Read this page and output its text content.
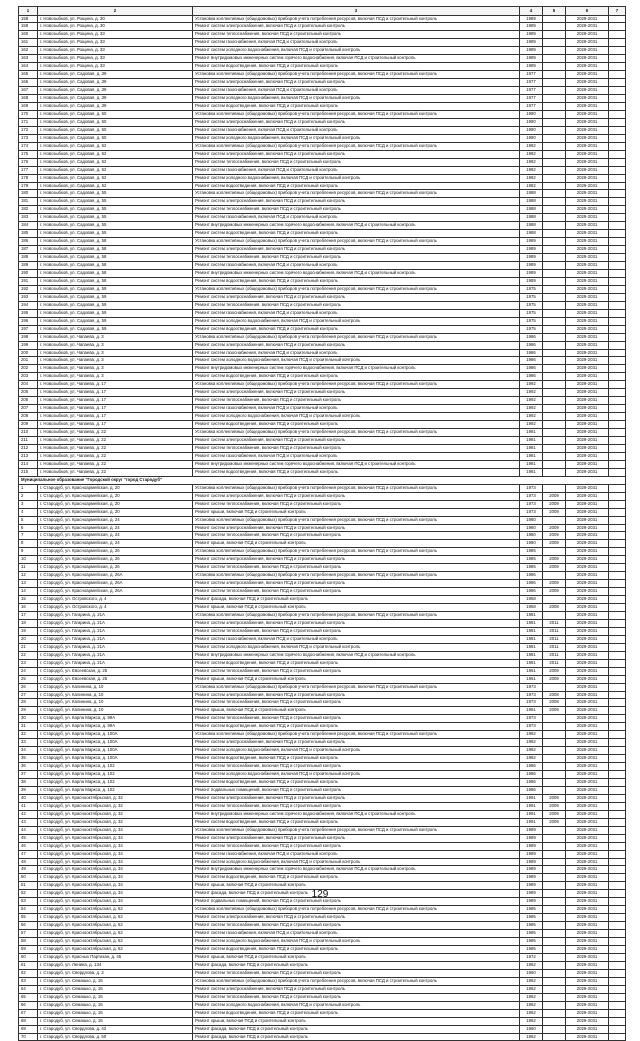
1	2	3	4	5	6	7
158	г. Новозыбков, ул. Рощина, д. 30	Установка коллективных (общедомовых) приборов учета потребления ресурсов, включая ПСД и строительный контроль	1989		2029-2031	
159	г. Новозыбков, ул. Рощина, д. 30	Ремонт систем электроснабжения, включая ПСД и строительный контроль	1989		2029-2031	
160	г. Новозыбков, ул. Рощина, д. 33	Ремонт систем теплоснабжения, включая ПСД и строительный контроль	1989		2029-2031	
161	г. Новозыбков, ул. Рощина, д. 33	Ремонт систем газоснабжения, включая ПСД и строительный контроль	1989		2029-2031	
162	г. Новозыбков, ул. Рощина, д. 33	Ремонт систем холодного водоснабжения, включая ПСД и строительный контроль	1989		2029-2031	
163	г. Новозыбков, ул. Рощина, д. 33	Ремонт внутридомовых инженерных систем горячего водоснабжения, включая ПСД и строительный контроль	1989		2029-2031	
164	г. Новозыбков, ул. Рощина, д. 33	Ремонт систем водоотведения, включая ПСД и строительный контроль	1989		2029-2031	
165	г. Новозыбков, ул. Садовая, д. 39	Установка коллективных (общедомовых) приборов учета потребления ресурсов, включая ПСД и строительный контроль	1977		2029-2031	
166	г. Новозыбков, ул. Садовая, д. 39	Ремонт систем электроснабжения, включая ПСД и строительный контроль	1977		2029-2031	
167	г. Новозыбков, ул. Садовая, д. 39	Ремонт систем газоснабжения, включая ПСД и строительный контроль	1977		2029-2031	
168	г. Новозыбков, ул. Садовая, д. 39	Ремонт систем холодного водоснабжения, включая ПСД и строительный контроль	1977		2029-2031	
169	г. Новозыбков, ул. Садовая, д. 39	Ремонт систем водоотведения, включая ПСД и строительный контроль	1977		2029-2031	
170	г. Новозыбков, ул. Садовая, д. 50	Установка коллективных (общедомовых) приборов учета потребления ресурсов, включая ПСД и строительный контроль	1980		2029-2031	
171	г. Новозыбков, ул. Садовая, д. 50	Ремонт систем электроснабжения, включая ПСД и строительный контроль	1980		2029-2031	
172	г. Новозыбков, ул. Садовая, д. 50	Ремонт систем газоснабжения, включая ПСД и строительный контроль	1980		2029-2031	
173	г. Новозыбков, ул. Садовая, д. 50	Ремонт систем холодного водоснабжения, включая ПСД и строительный контроль	1980		2029-2031	
174	г. Новозыбков, ул. Садовая, д. 52	Установка коллективных (общедомовых) приборов учета потребления ресурсов, включая ПСД и строительный контроль	1982		2029-2031	
175	г. Новозыбков, ул. Садовая, д. 52	Ремонт систем электроснабжения, включая ПСД и строительный контроль	1982		2029-2031	
176	г. Новозыбков, ул. Садовая, д. 52	Ремонт систем теплоснабжения, включая ПСД и строительный контроль	1982		2029-2031	
177	г. Новозыбков, ул. Садовая, д. 52	Ремонт систем газоснабжения, включая ПСД и строительный контроль	1982		2029-2031	
178	г. Новозыбков, ул. Садовая, д. 52	Ремонт систем холодного водоснабжения, включая ПСД и строительный контроль	1982		2029-2031	
179	г. Новозыбков, ул. Садовая, д. 52	Ремонт систем водоотведения, включая ПСД и строительный контроль	1982		2029-2031	
180	г. Новозыбков, ул. Садовая, д. 55	Установка коллективных (общедомовых) приборов учета потребления ресурсов, включая ПСД и строительный контроль	1988		2029-2031	
181	г. Новозыбков, ул. Садовая, д. 55	Ремонт систем электроснабжения, включая ПСД и строительный контроль	1988		2029-2031	
182	г. Новозыбков, ул. Садовая, д. 55	Ремонт систем теплоснабжения, включая ПСД и строительный контроль	1988		2029-2031	
183	г. Новозыбков, ул. Садовая, д. 55	Ремонт систем газоснабжения, включая ПСД и строительный контроль	1988		2029-2031	
184	г. Новозыбков, ул. Садовая, д. 55	Ремонт внутридомовых инженерных систем горячего водоснабжения, включая ПСД и строительный контроль	1988		2029-2031	
185	г. Новозыбков, ул. Садовая, д. 55	Ремонт систем водоотведения, включая ПСД и строительный контроль	1988		2029-2031	
186	г. Новозыбков, ул. Садовая, д. 58	Установка коллективных (общедомовых) приборов учета потребления ресурсов, включая ПСД и строительный контроль	1989		2029-2031	
187	г. Новозыбков, ул. Садовая, д. 58	Ремонт систем электроснабжения, включая ПСД и строительный контроль	1989		2029-2031	
188	г. Новозыбков, ул. Садовая, д. 58	Ремонт систем теплоснабжения, включая ПСД и строительный контроль	1989		2029-2031	
189	г. Новозыбков, ул. Садовая, д. 58	Ремонт систем газоснабжения, включая ПСД и строительный контроль	1989		2029-2031	
190	г. Новозыбков, ул. Садовая, д. 58	Ремонт внутридомовых инженерных систем горячего водоснабжения, включая ПСД и строительный контроль	1989		2029-2031	
191	г. Новозыбков, ул. Садовая, д. 58	Ремонт систем водоотведения, включая ПСД и строительный контроль	1989		2029-2031	
192	г. Новозыбков, ул. Садовая, д. 59	Установка коллективных (общедомовых) приборов учета потребления ресурсов, включая ПСД и строительный контроль	1975		2029-2031	
193	г. Новозыбков, ул. Садовая, д. 59	Ремонт систем электроснабжения, включая ПСД и строительный контроль	1975		2029-2031	
194	г. Новозыбков, ул. Садовая, д. 59	Ремонт систем теплоснабжения, включая ПСД и строительный контроль	1975		2029-2031	
195	г. Новозыбков, ул. Садовая, д. 59	Ремонт систем газоснабжения, включая ПСД и строительный контроль	1975		2029-2031	
196	г. Новозыбков, ул. Садовая, д. 59	Ремонт систем холодного водоснабжения, включая ПСД и строительный контроль	1975		2029-2031	
197	г. Новозыбков, ул. Садовая, д. 59	Ремонт систем водоотведения, включая ПСД и строительный контроль	1975		2029-2031	
198	г. Новозыбков, ул. Чапаева, д. 3	Установка коллективных (общедомовых) приборов учета потребления ресурсов, включая ПСД и строительный контроль	1986		2029-2031	
199	г. Новозыбков, ул. Чапаева, д. 3	Ремонт систем электроснабжения, включая ПСД и строительный контроль	1986		2029-2031	
200	г. Новозыбков, ул. Чапаева, д. 3	Ремонт систем газоснабжения, включая ПСД и строительный контроль	1986		2029-2031	
201	г. Новозыбков, ул. Чапаева, д. 3	Ремонт систем холодного водоснабжения, включая ПСД и строительный контроль	1986		2029-2031	
202	г. Новозыбков, ул. Чапаева, д. 3	Ремонт внутридомовых инженерных систем горячего водоснабжения, включая ПСД и строительный контроль	1986		2029-2031	
203	г. Новозыбков, ул. Чапаева, д. 3	Ремонт систем водоотведения, включая ПСД и строительный контроль	1986		2029-2031	
204	г. Новозыбков, ул. Чапаева, д. 17	Установка коллективных (общедомовых) приборов учета потребления ресурсов, включая ПСД и строительный контроль	1992		2029-2031	
205	г. Новозыбков, ул. Чапаева, д. 17	Ремонт систем электроснабжения, включая ПСД и строительный контроль	1992		2029-2031	
206	г. Новозыбков, ул. Чапаева, д. 17	Ремонт систем теплоснабжения, включая ПСД и строительный контроль	1992		2029-2031	
207	г. Новозыбков, ул. Чапаева, д. 17	Ремонт систем газоснабжения, включая ПСД и строительный контроль	1992		2029-2031	
208	г. Новозыбков, ул. Чапаева, д. 17	Ремонт систем холодного водоснабжения, включая ПСД и строительный контроль	1992		2029-2031	
209	г. Новозыбков, ул. Чапаева, д. 17	Ремонт систем водоотведения, включая ПСД и строительный контроль	1992		2029-2031	
210	г. Новозыбков, ул. Чапаева, д. 22	Установка коллективных (общедомовых) приборов учета потребления ресурсов, включая ПСД и строительный контроль	1981		2029-2031	
211	г. Новозыбков, ул. Чапаева, д. 22	Ремонт систем электроснабжения, включая ПСД и строительный контроль	1981		2029-2031	
212	г. Новозыбков, ул. Чапаева, д. 22	Ремонт систем теплоснабжения, включая ПСД и строительный контроль	1981		2029-2031	
213	г. Новозыбков, ул. Чапаева, д. 22	Ремонт систем газоснабжения, включая ПСД и строительный контроль	1981		2029-2031	
214	г. Новозыбков, ул. Чапаева, д. 22	Ремонт внутридомовых инженерных систем горячего водоснабжения, включая ПСД и строительный контроль	1981		2029-2031	
215	г. Новозыбков, ул. Чапаева, д. 22	Ремонт систем водоотведения, включая ПСД и строительный контроль	1981		2029-2031	
Муниципальное образование "Городской округ "город Стародуб"						
1	г. Стародуб, ул. Красноармейская, д. 20	Установка коллективных (общедомовых) приборов учета потребления ресурсов, включая ПСД и строительный контроль	1973		2029-2031	
2	г. Стародуб, ул. Красноармейская, д. 20	Ремонт систем электроснабжения, включая ПСД и строительный контроль	1973	2009	2029-2031	
3	г. Стародуб, ул. Красноармейская, д. 20	Ремонт систем теплоснабжения, включая ПСД и строительный контроль	1973	2009	2029-2031	
4	г. Стародуб, ул. Красноармейская, д. 20	Ремонт крыши, включая ПСД и строительный контроль	1973	2009	2029-2031	
5	г. Стародуб, ул. Красноармейская, д. 24	Установка коллективных (общедомовых) приборов учета потребления ресурсов, включая ПСД и строительный контроль	1980		2029-2031	
6	г. Стародуб, ул. Красноармейская, д. 24	Ремонт систем электроснабжения, включая ПСД и строительный контроль	1980	2009	2029-2031	
7	г. Стародуб, ул. Красноармейская, д. 24	Ремонт систем теплоснабжения, включая ПСД и строительный контроль	1980	2009	2029-2031	
8	г. Стародуб, ул. Красноармейская, д. 24	Ремонт крыши, включая ПСД и строительный контроль	1980	2009	2029-2031	
9	г. Стародуб, ул. Красноармейская, д. 26	Установка коллективных (общедомовых) приборов учета потребления ресурсов, включая ПСД и строительный контроль	1985		2029-2031	
10	г. Стародуб, ул. Красноармейская, д. 26	Ремонт систем электроснабжения, включая ПСД и строительный контроль	1985	2009	2029-2031	
11	г. Стародуб, ул. Красноармейская, д. 26	Ремонт систем теплоснабжения, включая ПСД и строительный контроль	1985	2009	2029-2031	
12	г. Стародуб, ул. Красноармейская, д. 26А	Установка коллективных (общедомовых) приборов учета потребления ресурсов, включая ПСД и строительный контроль	1986		2029-2031	
13	г. Стародуб, ул. Красноармейская, д. 26А	Ремонт систем электроснабжения, включая ПСД и строительный контроль	1986	2009	2029-2031	
14	г. Стародуб, ул. Красноармейская, д. 26А	Ремонт систем теплоснабжения, включая ПСД и строительный контроль	1986	2009	2029-2031	
15	г. Стародуб, ул. Островского, д. 4	Ремонт фасада, включая ПСД и строительный контроль	1958		2029-2031	
16	г. Стародуб, ул. Островского, д. 4	Ремонт крыши, включая ПСД и строительный контроль	1958	2008	2029-2031	
17	г. Стародуб, ул. Гагарина, д. 21А	Установка коллективных (общедомовых) приборов учета потребления ресурсов, включая ПСД и строительный контроль	1981		2029-2031	
18	г. Стародуб, ул. Гагарина, д. 21А	Ремонт систем электроснабжения, включая ПСД и строительный контроль	1981	2011	2029-2031	
19	г. Стародуб, ул. Гагарина, д. 21А	Ремонт систем теплоснабжения, включая ПСД и строительный контроль	1981	2011	2029-2031	
20	г. Стародуб, ул. Гагарина, д. 21А	Ремонт систем газоснабжения, включая ПСД и строительный контроль	1981	2011	2029-2031	
21	г. Стародуб, ул. Гагарина, д. 21А	Ремонт систем холодного водоснабжения, включая ПСД и строительный контроль	1981	2011	2029-2031	
22	г. Стародуб, ул. Гагарина, д. 21А	Ремонт внутридомовых инженерных систем горячего водоснабжения, включая ПСД и строительный контроль	1981	2011	2029-2031	
23	г. Стародуб, ул. Гагарина, д. 21А	Ремонт систем водоотведения, включая ПСД и строительный контроль	1981	2011	2029-2031	
24	г. Стародуб, ул. Евсеевская, д. 25	Ремонт систем теплоснабжения, включая ПСД и строительный контроль	1961	2009	2029-2031	
25	г. Стародуб, ул. Евсеевская, д. 25	Ремонт крыши, включая ПСД и строительный контроль	1961	2009	2029-2031	
26	г. Стародуб, ул. Калинина, д. 10	Установка коллективных (общедомовых) приборов учета потребления ресурсов, включая ПСД и строительный контроль	1973		2029-2031	
27	г. Стародуб, ул. Калинина, д. 10	Ремонт систем электроснабжения, включая ПСД и строительный контроль	1973	2008	2029-2031	
28	г. Стародуб, ул. Калинина, д. 10	Ремонт систем теплоснабжения, включая ПСД и строительный контроль	1973	2008	2029-2031	
29	г. Стародуб, ул. Калинина, д. 10	Ремонт крыши, включая ПСД и строительный контроль	1961	2009	2029-2031	
30	г. Стародуб, ул. Карла Маркса, д. 99А	Ремонт систем теплоснабжения, включая ПСД и строительный контроль	1973		2029-2031	
31	г. Стародуб, ул. Карла Маркса, д. 99А	Ремонт систем водоотведения, включая ПСД и строительный контроль	1973		2029-2031	
32	г. Стародуб, ул. Карла Маркса, д. 100А	Установка коллективных (общедомовых) приборов учета потребления ресурсов, включая ПСД и строительный контроль	1982		2029-2031	
33	г. Стародуб, ул. Карла Маркса, д. 100А	Ремонт систем электроснабжения, включая ПСД и строительный контроль	1982		2029-2031	
34	г. Стародуб, ул. Карла Маркса, д. 100А	Ремонт систем холодного водоснабжения, включая ПСД и строительный контроль	1982		2029-2031	
35	г. Стародуб, ул. Карла Маркса, д. 100А	Ремонт систем водоотведения, включая ПСД и строительный контроль	1982		2029-2031	
36	г. Стародуб, ул. Карла Маркса, д. 102	Ремонт систем теплоснабжения, включая ПСД и строительный контроль	1986		2029-2031	
37	г. Стародуб, ул. Карла Маркса, д. 102	Ремонт систем холодного водоснабжения, включая ПСД и строительный контроль	1986		2029-2031	
38	г. Стародуб, ул. Карла Маркса, д. 102	Ремонт систем водоотведения, включая ПСД и строительный контроль	1986		2029-2031	
39	г. Стародуб, ул. Карла Маркса, д. 102	Ремонт подвальных помещений, включая ПСД и строительный контроль	1986		2029-2031	
40	г. Стародуб, ул. Краснооктябрьская, д. 32	Ремонт систем электроснабжения, включая ПСД и строительный контроль	1991	2009	2029-2031	
41	г. Стародуб, ул. Краснооктябрьская, д. 32	Ремонт систем теплоснабжения, включая ПСД и строительный контроль	1991	2009	2029-2031	
42	г. Стародуб, ул. Краснооктябрьская, д. 32	Ремонт внутридомовых инженерных систем горячего водоснабжения, включая ПСД и строительный контроль	1991	2009	2029-2031	
43	г. Стародуб, ул. Краснооктябрьская, д. 32	Ремонт систем водоотведения, включая ПСД и строительный контроль	1991	2009	2029-2031	
44	г. Стародуб, ул. Краснооктябрьская, д. 34	Установка коллективных (общедомовых) приборов учета потребления ресурсов, включая ПСД и строительный контроль	1989		2029-2031	
45	г. Стародуб, ул. Краснооктябрьская, д. 34	Ремонт систем электроснабжения, включая ПСД и строительный контроль	1989		2029-2031	
46	г. Стародуб, ул. Краснооктябрьская, д. 34	Ремонт систем теплоснабжения, включая ПСД и строительный контроль	1989		2029-2031	
47	г. Стародуб, ул. Краснооктябрьская, д. 34	Ремонт систем газоснабжения, включая ПСД и строительный контроль	1989		2029-2031	
48	г. Стародуб, ул. Краснооктябрьская, д. 34	Ремонт систем холодного водоснабжения, включая ПСД и строительный контроль	1989		2029-2031	
49	г. Стародуб, ул. Краснооктябрьская, д. 34	Ремонт внутридомовых инженерных систем горячего водоснабжения, включая ПСД и строительный контроль	1989		2029-2031	
50	г. Стародуб, ул. Краснооктябрьская, д. 34	Ремонт систем водоотведения, включая ПСД и строительный контроль	1989		2029-2031	
51	г. Стародуб, ул. Краснооктябрьская, д. 34	Ремонт крыши, включая ПСД и строительный контроль	1989		2029-2031	
52	г. Стародуб, ул. Краснооктябрьская, д. 34	Ремонт фасада, включая ПСД и строительный контроль	1989		2029-2031	
53	г. Стародуб, ул. Краснооктябрьская, д. 34	Ремонт подвальных помещений, включая ПСД и строительный контроль	1989		2029-2031	
54	г. Стародуб, ул. Краснооктябрьская, д. 62	Установка коллективных (общедомовых) приборов учета потребления ресурсов, включая ПСД и строительный контроль	1985		2029-2031	
55	г. Стародуб, ул. Краснооктябрьская, д. 62	Ремонт систем электроснабжения, включая ПСД и строительный контроль	1985		2029-2031	
56	г. Стародуб, ул. Краснооктябрьская, д. 62	Ремонт систем теплоснабжения, включая ПСД и строительный контроль	1985		2029-2031	
57	г. Стародуб, ул. Краснооктябрьская, д. 62	Ремонт систем газоснабжения, включая ПСД и строительный контроль	1985		2029-2031	
58	г. Стародуб, ул. Краснооктябрьская, д. 62	Ремонт систем холодного водоснабжения, включая ПСД и строительный контроль	1985		2029-2031	
59	г. Стародуб, ул. Краснооктябрьская, д. 62	Ремонт систем водоотведения, включая ПСД и строительный контроль	1985		2029-2031	
60	г. Стародуб, ул. Красных Партизан, д. 45	Ремонт крыши, включая ПСД и строительный контроль	1972		2029-2031	
61	г. Стародуб, ул. Ленина, д. 134	Ремонт фасада, включая ПСД и строительный контроль	1962		2029-2031	
62	г. Стародуб, ул. Свердлова, д. 2	Ремонт систем теплоснабжения, включая ПСД и строительный контроль	1960		2029-2031	
63	г. Стародуб, ул. Семашко, д. 16	Установка коллективных (общедомовых) приборов учета потребления ресурсов, включая ПСД и строительный контроль	1962		2029-2031	
64	г. Стародуб, ул. Семашко, д. 16	Ремонт систем электроснабжения, включая ПСД и строительный контроль	1962		2029-2031	
65	г. Стародуб, ул. Семашко, д. 16	Ремонт систем теплоснабжения, включая ПСД и строительный контроль	1962		2029-2031	
66	г. Стародуб, ул. Семашко, д. 16	Ремонт систем холодного водоснабжения, включая ПСД и строительный контроль	1962		2029-2031	
67	г. Стародуб, ул. Семашко, д. 16	Ремонт систем водоотведения, включая ПСД и строительный контроль	1962		2029-2031	
68	г. Стародуб, ул. Семашко, д. 16	Ремонт крыши, включая ПСД и строительный контроль	1962		2029-2031	
69	г. Стародуб, ул. Свердлова, д. 43	Ремонт фасада, включая ПСД и строительный контроль	1960		2029-2031	
70	г. Стародуб, ул. Свердлова, д. 50	Ремонт фасада, включая ПСД и строительный контроль	1962		2029-2031	
129
